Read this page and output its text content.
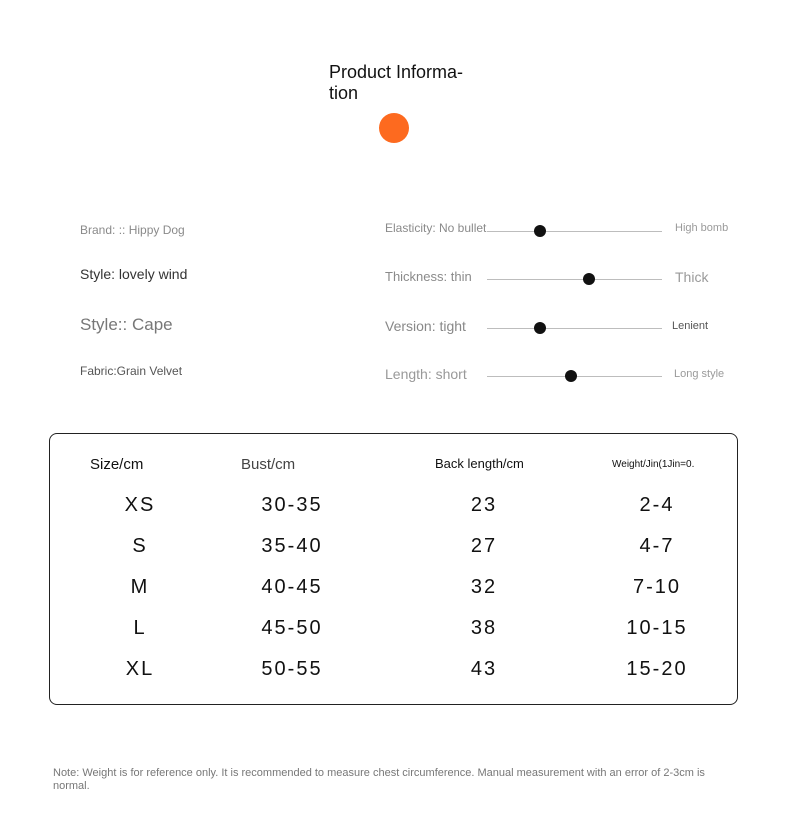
Product Informa-
tion
Brand: :: Hippy Dog
Style: lovely wind
Style:: Cape
Fabric:Grain Velvet
Elasticity: No bullet	High bomb
Thickness: thin	Thick
Version: tight	Lenient
Length: short	Long style
Size/cm	Bust/cm	Back length/cm	Weight/Jin(1Jin=0.
XS	30-35	23	2-4
S	35-40	27	4-7
M	40-45	32	7-10
L	45-50	38	10-15
XL	50-55	43	15-20
Note: Weight is for reference only. It is recommended to measure chest circumference. Manual measurement with an error of 2-3cm is normal.
